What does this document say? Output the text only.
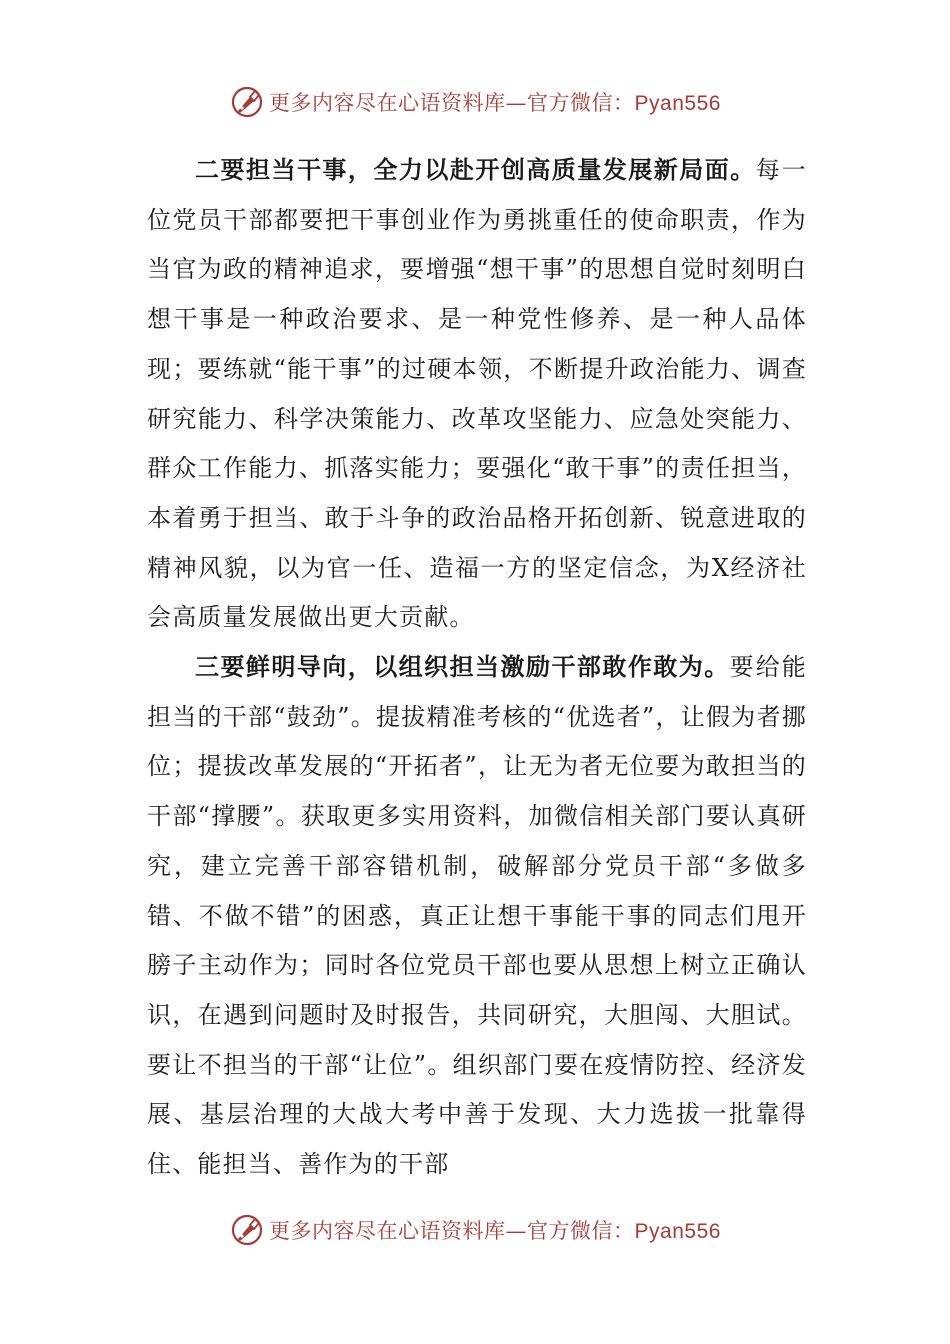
更多内容尽在心语资料库—官方微信：Pyan556

二要担当干事，全力以赴开创高质量发展新局面。每一位党员干部都要把干事创业作为勇挑重任的使命职责，作为当官为政的精神追求，要增强“想干事”的思想自觉时刻明白想干事是一种政治要求、是一种党性修养、是一种人品体现；要练就“能干事”的过硬本领，不断提升政治能力、调查研究能力、科学决策能力、改革攻坚能力、应急处突能力、群众工作能力、抓落实能力；要强化“敢干事”的责任担当，本着勇于担当、敢于斗争的政治品格开拓创新、锐意进取的精神风貌，以为官一任、造福一方的坚定信念，为X经济社会高质量发展做出更大贡献。

三要鲜明导向，以组织担当激励干部敢作敢为。要给能担当的干部“鼓劲”。提拔精准考核的“优选者”，让假为者挪位；提拔改革发展的“开拓者”，让无为者无位要为敢担当的干部“撑腰”。获取更多实用资料，加微信相关部门要认真研究，建立完善干部容错机制，破解部分党员干部“多做多错、不做不错”的困惑，真正让想干事能干事的同志们甩开膀子主动作为；同时各位党员干部也要从思想上树立正确认识，在遇到问题时及时报告，共同研究，大胆闯、大胆试。要让不担当的干部“让位”。组织部门要在疫情防控、经济发展、基层治理的大战大考中善于发现、大力选拔一批靠得住、能担当、善作为的干部

更多内容尽在心语资料库—官方微信：Pyan556
